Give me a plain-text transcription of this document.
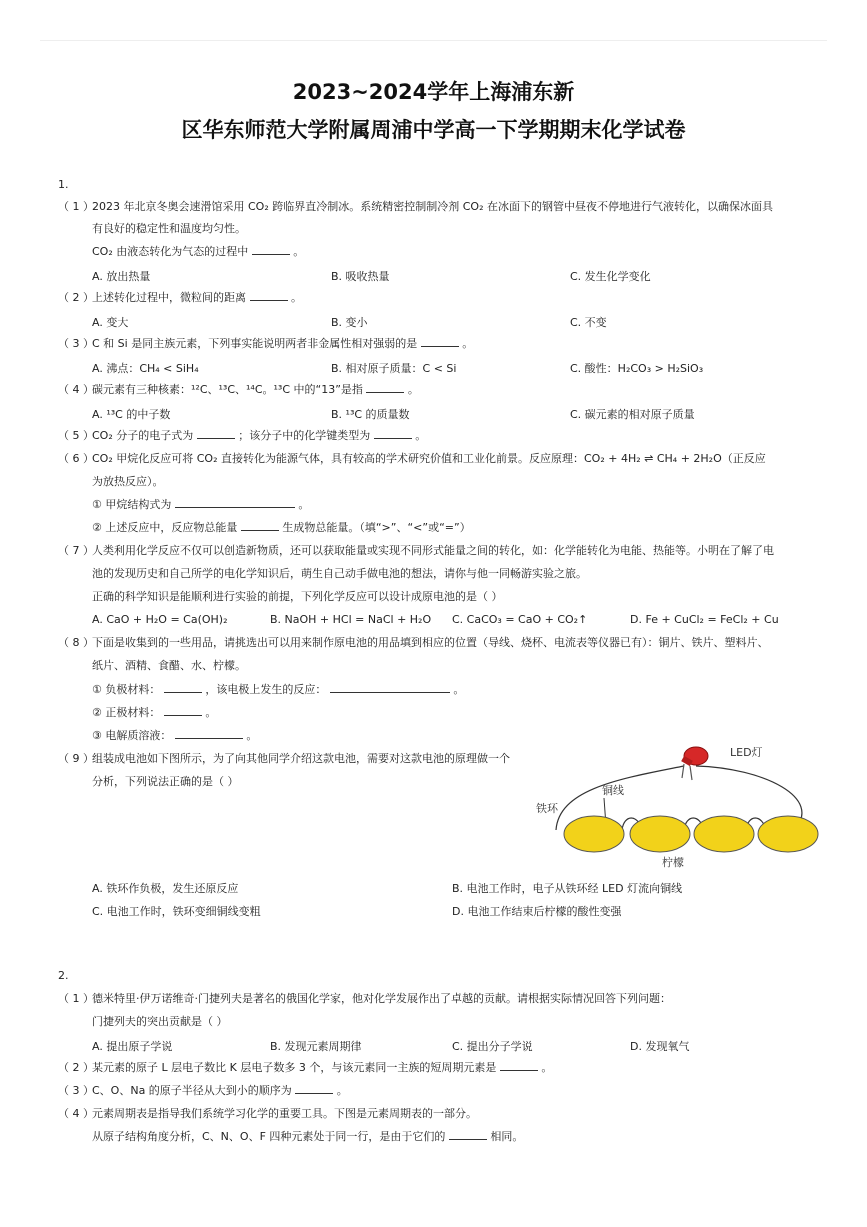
2023~2024学年上海浦东新
区华东师范大学附属周浦中学高一下学期期末化学试卷
1.
（ 1 ）
2023 年北京冬奥会速滑馆采用 CO₂ 跨临界直冷制冰。系统精密控制制冷剂 CO₂ 在冰面下的钢管中昼夜不停地进行气液转化，以确保冰面具
有良好的稳定性和温度均匀性。
CO₂ 由液态转化为气态的过程中	。
A. 放出热量	B. 吸收热量	C. 发生化学变化
（ 2 ）
上述转化过程中，微粒间的距离	。
A. 变大	B. 变小	C. 不变
（ 3 ）
C 和 Si 是同主族元素，下列事实能说明两者非金属性相对强弱的是	。
A. 沸点：CH₄ < SiH₄	B. 相对原子质量：C < Si	C. 酸性：H₂CO₃ > H₂SiO₃
（ 4 ）
碳元素有三种核素：¹²C、¹³C、¹⁴C。¹³C 中的“13”是指	。
A. ¹³C 的中子数	B. ¹³C 的质量数	C. 碳元素的相对原子质量
（ 5 ）
CO₂ 分子的电子式为	；该分子中的化学键类型为	。
（ 6 ）
CO₂ 甲烷化反应可将 CO₂ 直接转化为能源气体，具有较高的学术研究价值和工业化前景。反应原理：CO₂ + 4H₂ ⇌ CH₄ + 2H₂O（正反应
为放热反应）。
① 甲烷结构式为	。
② 上述反应中，反应物总能量	生成物总能量。（填“>”、“<”或“=”）
（ 7 ）
人类利用化学反应不仅可以创造新物质，还可以获取能量或实现不同形式能量之间的转化，如：化学能转化为电能、热能等。小明在了解了电
池的发现历史和自己所学的电化学知识后，萌生自己动手做电池的想法，请你与他一同畅游实验之旅。
正确的科学知识是能顺利进行实验的前提，下列化学反应可以设计成原电池的是（ ）
A. CaO + H₂O = Ca(OH)₂	B. NaOH + HCl = NaCl + H₂O C. CaCO₃ = CaO + CO₂↑	D. Fe + CuCl₂ = FeCl₂ + Cu
（ 8 ）
下面是收集到的一些用品，请挑选出可以用来制作原电池的用品填到相应的位置（导线、烧杯、电流表等仪器已有）：铜片、铁片、塑料片、
纸片、酒精、食醋、水、柠檬。
① 负极材料：	，该电极上发生的反应：	。
② 正极材料：	。
③ 电解质溶液：	。
（ 9 ）
组装成电池如下图所示，为了向其他同学介绍这款电池，需要对这款电池的原理做一个
分析，下列说法正确的是（ ）
LED灯
铜线
铁环
柠檬
A. 铁环作负极，发生还原反应	B. 电池工作时，电子从铁环经 LED 灯流向铜线
C. 电池工作时，铁环变细铜线变粗	D. 电池工作结束后柠檬的酸性变强
2.
（ 1 ）
德米特里·伊万诺维奇·门捷列夫是著名的俄国化学家，他对化学发展作出了卓越的贡献。请根据实际情况回答下列问题：
门捷列夫的突出贡献是（ ）
A. 提出原子学说	B. 发现元素周期律	C. 提出分子学说	D. 发现氧气
（ 2 ）
某元素的原子 L 层电子数比 K 层电子数多 3 个，与该元素同一主族的短周期元素是	。
（ 3 ）
C、O、Na 的原子半径从大到小的顺序为	。
（ 4 ）
元素周期表是指导我们系统学习化学的重要工具。下图是元素周期表的一部分。
从原子结构角度分析，C、N、O、F 四种元素处于同一行，是由于它们的	相同。
